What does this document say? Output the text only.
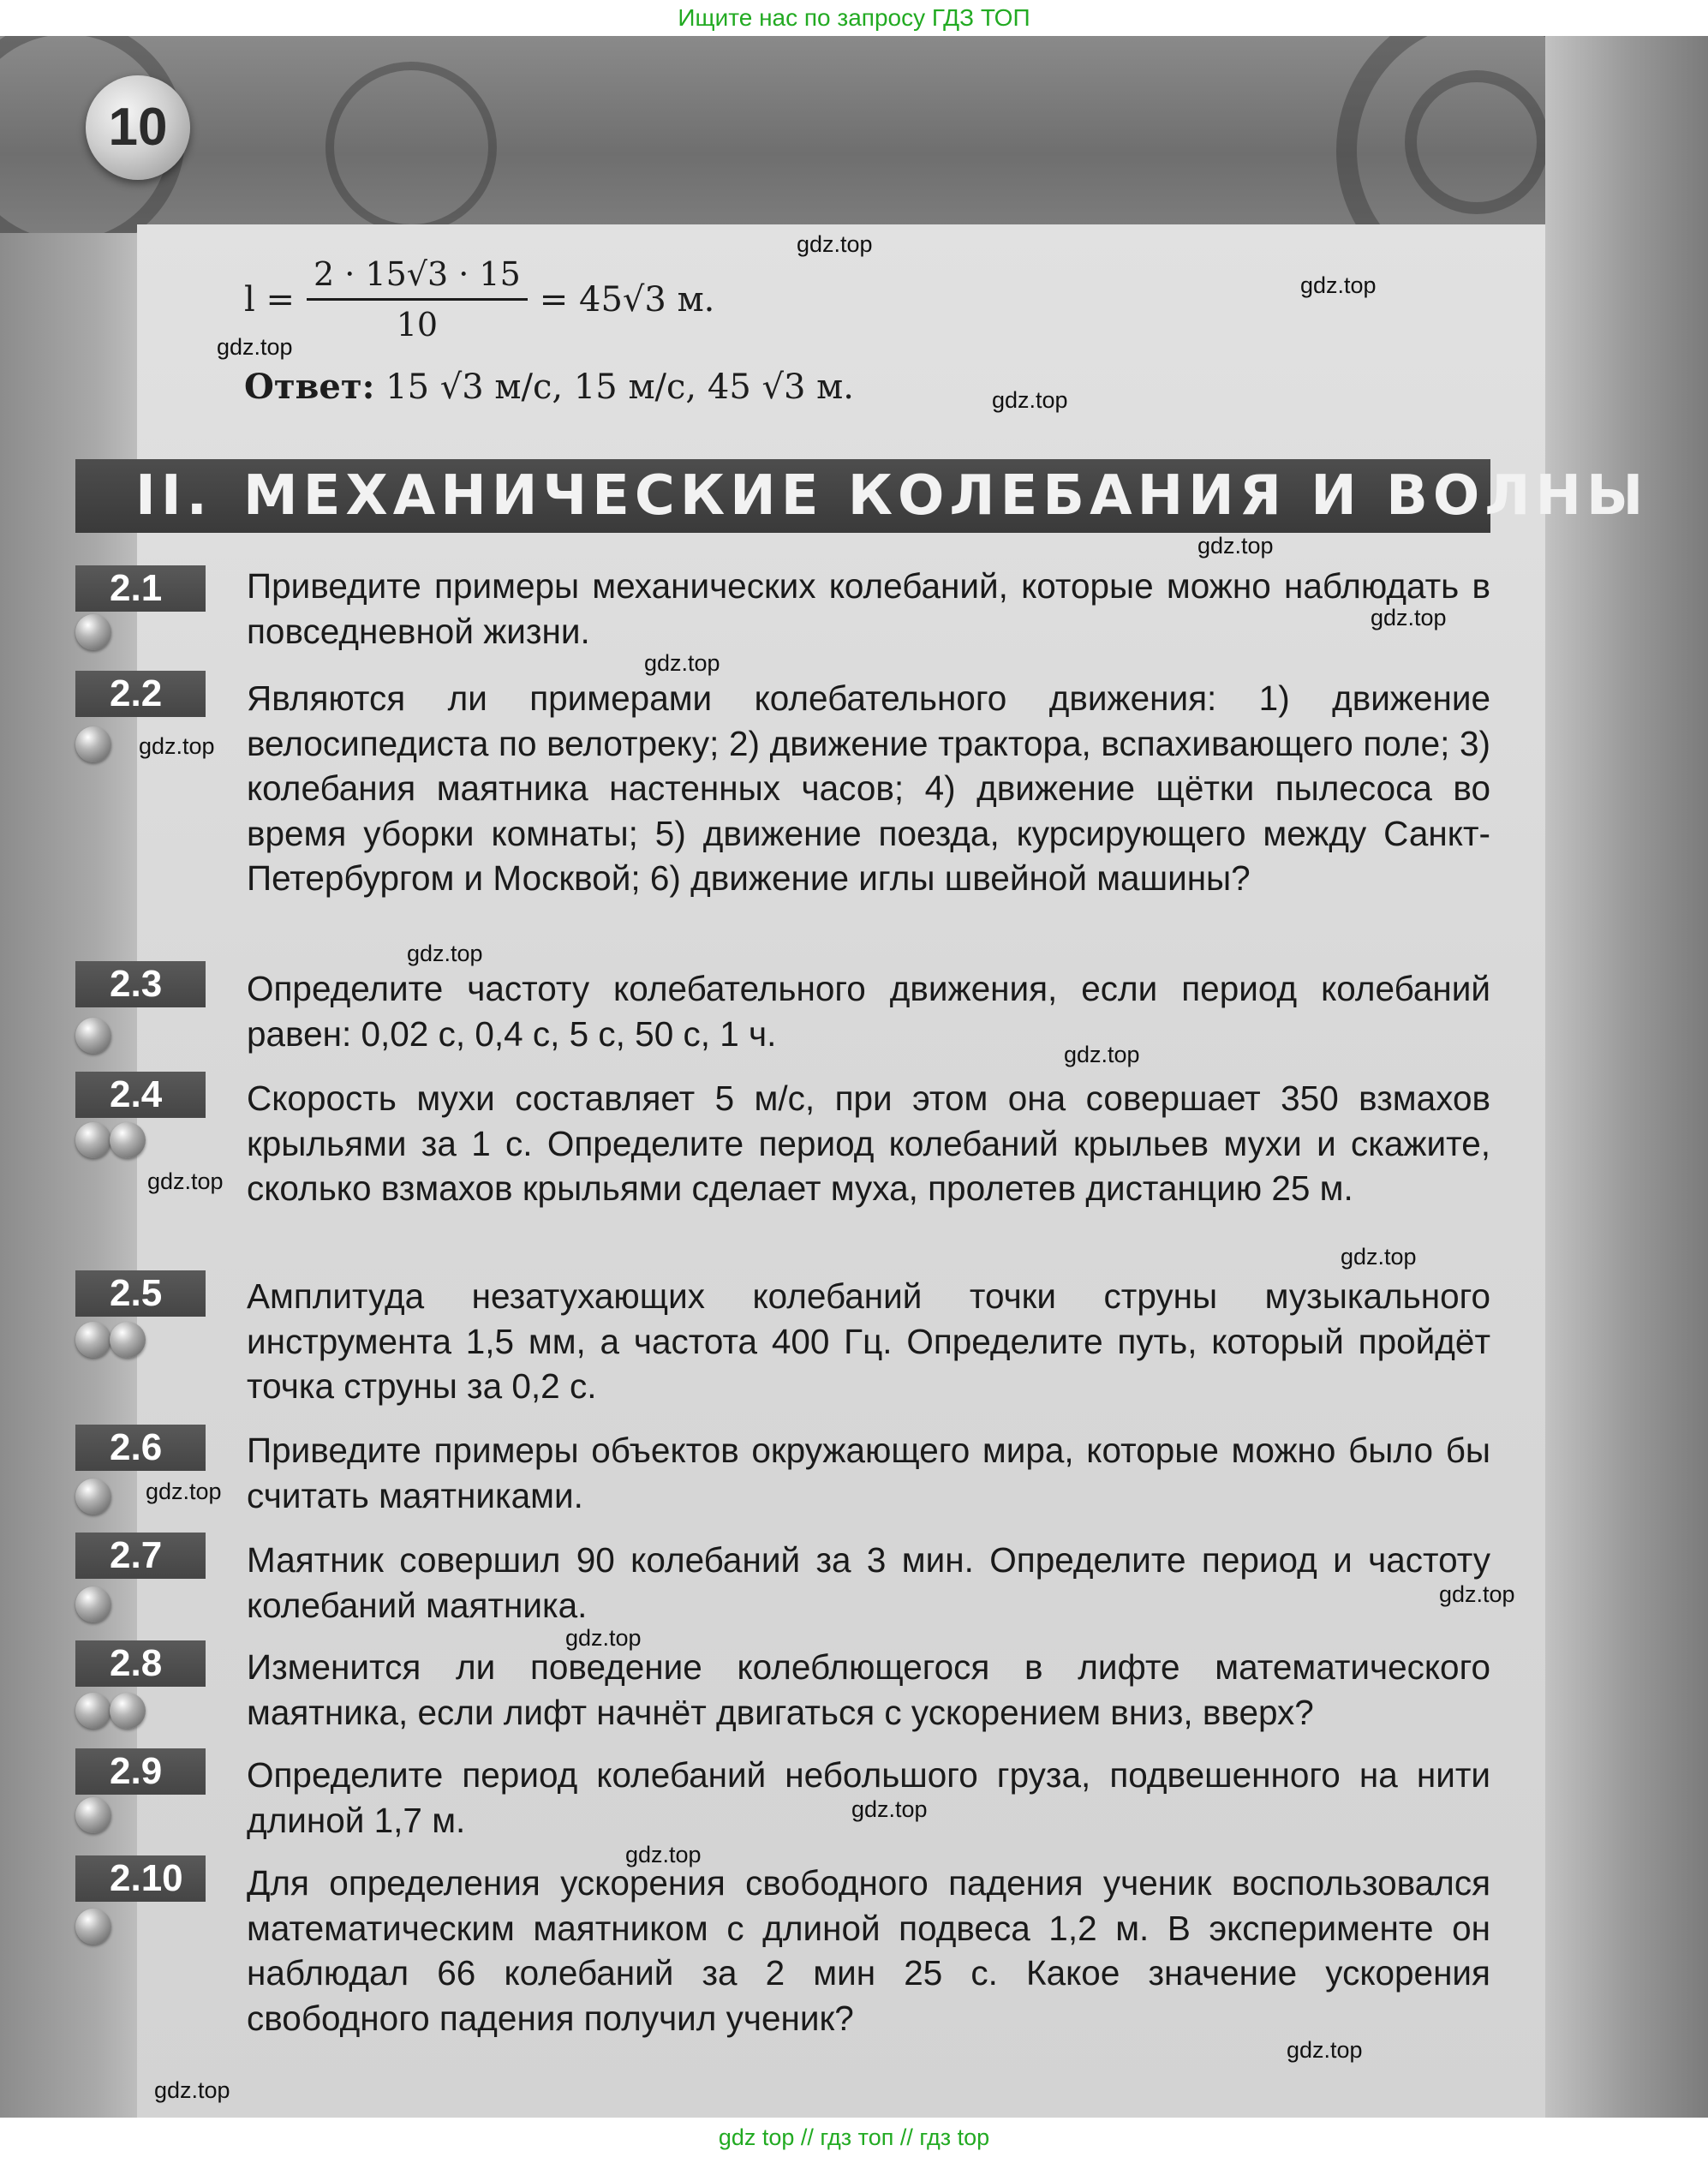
Ищите нас по запросу ГДЗ ТОП
10
$l = \frac{2 \cdot 15√3 \cdot 15}{10} = 45√3$ м.
Ответ: 15 √3 м/с, 15 м/с, 45 √3 м.
II. МЕХАНИЧЕСКИЕ КОЛЕБАНИЯ И ВОЛНЫ
2.1	Приведите примеры механических колебаний, которые можно наблюдать в повседневной жизни.
2.2	Являются ли примерами колебательного движения: 1) движение велосипедиста по велотреку; 2) движение трактора, вспахивающего поле; 3) колебания маятника настенных часов; 4) движение щётки пылесоса во время уборки комнаты; 5) движение поезда, курсирующего между Санкт-Петербургом и Москвой; 6) движение иглы швейной машины?
2.3	Определите частоту колебательного движения, если период колебаний равен: 0,02 с, 0,4 с, 5 с, 50 с, 1 ч.
2.4	Скорость мухи составляет 5 м/с, при этом она совершает 350 взмахов крыльями за 1 с. Определите период колебаний крыльев мухи и скажите, сколько взмахов крыльями сделает муха, пролетев дистанцию 25 м.
2.5	Амплитуда незатухающих колебаний точки струны музыкального инструмента 1,5 мм, а частота 400 Гц. Определите путь, который пройдёт точка струны за 0,2 с.
2.6	Приведите примеры объектов окружающего мира, которые можно было бы считать маятниками.
2.7	Маятник совершил 90 колебаний за 3 мин. Определите период и частоту колебаний маятника.
2.8	Изменится ли поведение колеблющегося в лифте математического маятника, если лифт начнёт двигаться с ускорением вниз, вверх?
2.9	Определите период колебаний небольшого груза, подвешенного на нити длиной 1,7 м.
2.10	Для определения ускорения свободного падения ученик воспользовался математическим маятником с длиной подвеса 1,2 м. В эксперименте он наблюдал 66 колебаний за 2 мин 25 с. Какое значение ускорения свободного падения получил ученик?
gdz.top
gdz.top
gdz.top
gdz.top
gdz.top
gdz.top
gdz.top
gdz.top
gdz.top
gdz.top
gdz.top
gdz.top
gdz.top
gdz.top
gdz.top
gdz.top
gdz.top
gdz.top
gdz.top
gdz top // гдз топ // гдз top
